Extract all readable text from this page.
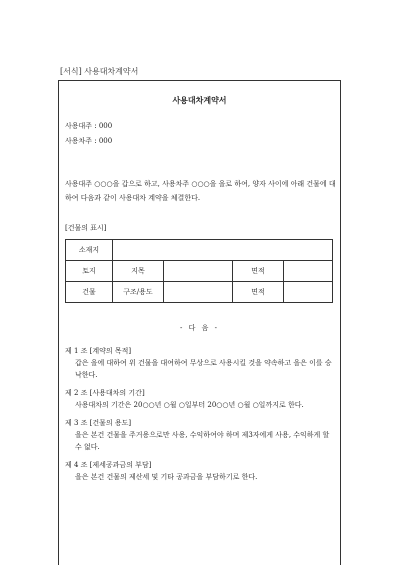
[서식] 사용대차계약서
사용대차계약서
사용대주 : 000
사용차주 : 000
사용대주 ○○○을 갑으로 하고, 사용차주 ○○○을 을로 하여, 양자 사이에 아래 건물에 대하여 다음과 같이 사용대차 계약을 체결한다.
[건물의 표시]
소재지				
토지	지목		면적	
건물	구조/용도		면적	
- 다 음 -
제 1 조 [계약의 목적]
갑은 을에 대하여 위 건물을 대여하여 무상으로 사용시킬 것을 약속하고 을은 이를 승낙한다.
제 2 조 [사용대차의 기간]
사용대차의 기간은 20○○년 ○월 ○일부터 20○○년 ○월 ○일까지로 한다.
제 3 조 [건물의 용도]
을은 본건 건물을 주거용으로만 사용, 수익하여야 하며 제3자에게 사용, 수익하게 할 수 없다.
제 4 조 [제세공과금의 부담]
을은 본건 건물의 제산세 및 기타 공과금을 부담하기로 한다.
